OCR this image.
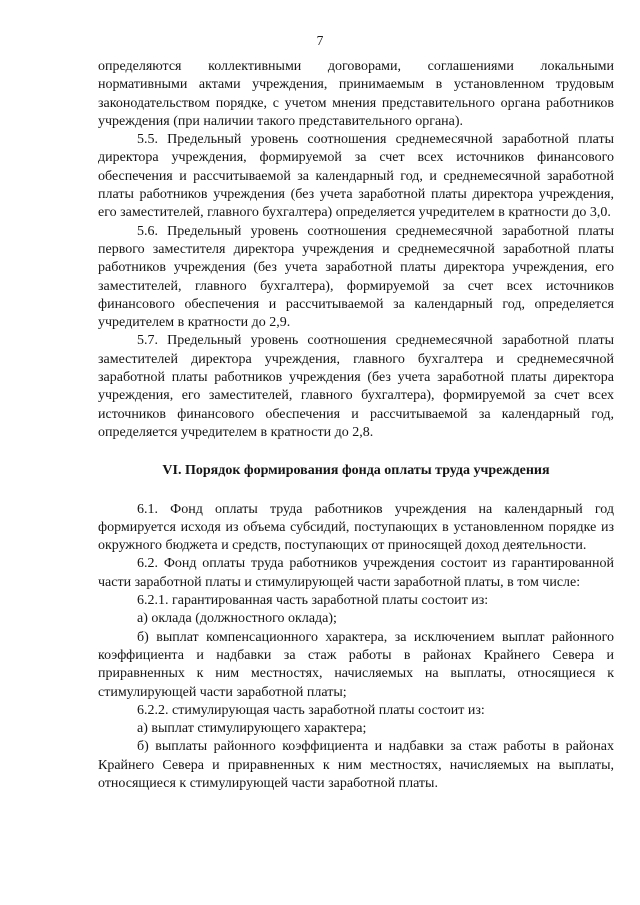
7

определяются коллективными договорами, соглашениями локальными нормативными актами учреждения, принимаемым в установленном трудовым законодательством порядке, с учетом мнения представительного органа работников учреждения (при наличии такого представительного органа).

5.5. Предельный уровень соотношения среднемесячной заработной платы директора учреждения, формируемой за счет всех источников финансового обеспечения и рассчитываемой за календарный год, и среднемесячной заработной платы работников учреждения (без учета заработной платы директора учреждения, его заместителей, главного бухгалтера) определяется учредителем в кратности до 3,0.

5.6. Предельный уровень соотношения среднемесячной заработной платы первого заместителя директора учреждения и среднемесячной заработной платы работников учреждения (без учета заработной платы директора учреждения, его заместителей, главного бухгалтера), формируемой за счет всех источников финансового обеспечения и рассчитываемой за календарный год, определяется учредителем в кратности до 2,9.

5.7. Предельный уровень соотношения среднемесячной заработной платы заместителей директора учреждения, главного бухгалтера и среднемесячной заработной платы работников учреждения (без учета заработной платы директора учреждения, его заместителей, главного бухгалтера), формируемой за счет всех источников финансового обеспечения и рассчитываемой за календарный год, определяется учредителем в кратности до 2,8.

VI. Порядок формирования фонда оплаты труда учреждения

6.1. Фонд оплаты труда работников учреждения на календарный год формируется исходя из объема субсидий, поступающих в установленном порядке из окружного бюджета и средств, поступающих от приносящей доход деятельности.

6.2. Фонд оплаты труда работников учреждения состоит из гарантированной части заработной платы и стимулирующей части заработной платы, в том числе:

6.2.1. гарантированная часть заработной платы состоит из:

а) оклада (должностного оклада);

б) выплат компенсационного характера, за исключением выплат районного коэффициента и надбавки за стаж работы в районах Крайнего Севера и приравненных к ним местностях, начисляемых на выплаты, относящиеся к стимулирующей части заработной платы;

6.2.2. стимулирующая часть заработной платы состоит из:

а) выплат стимулирующего характера;

б) выплаты районного коэффициента и надбавки за стаж работы в районах Крайнего Севера и приравненных к ним местностях, начисляемых на выплаты, относящиеся к стимулирующей части заработной платы.
